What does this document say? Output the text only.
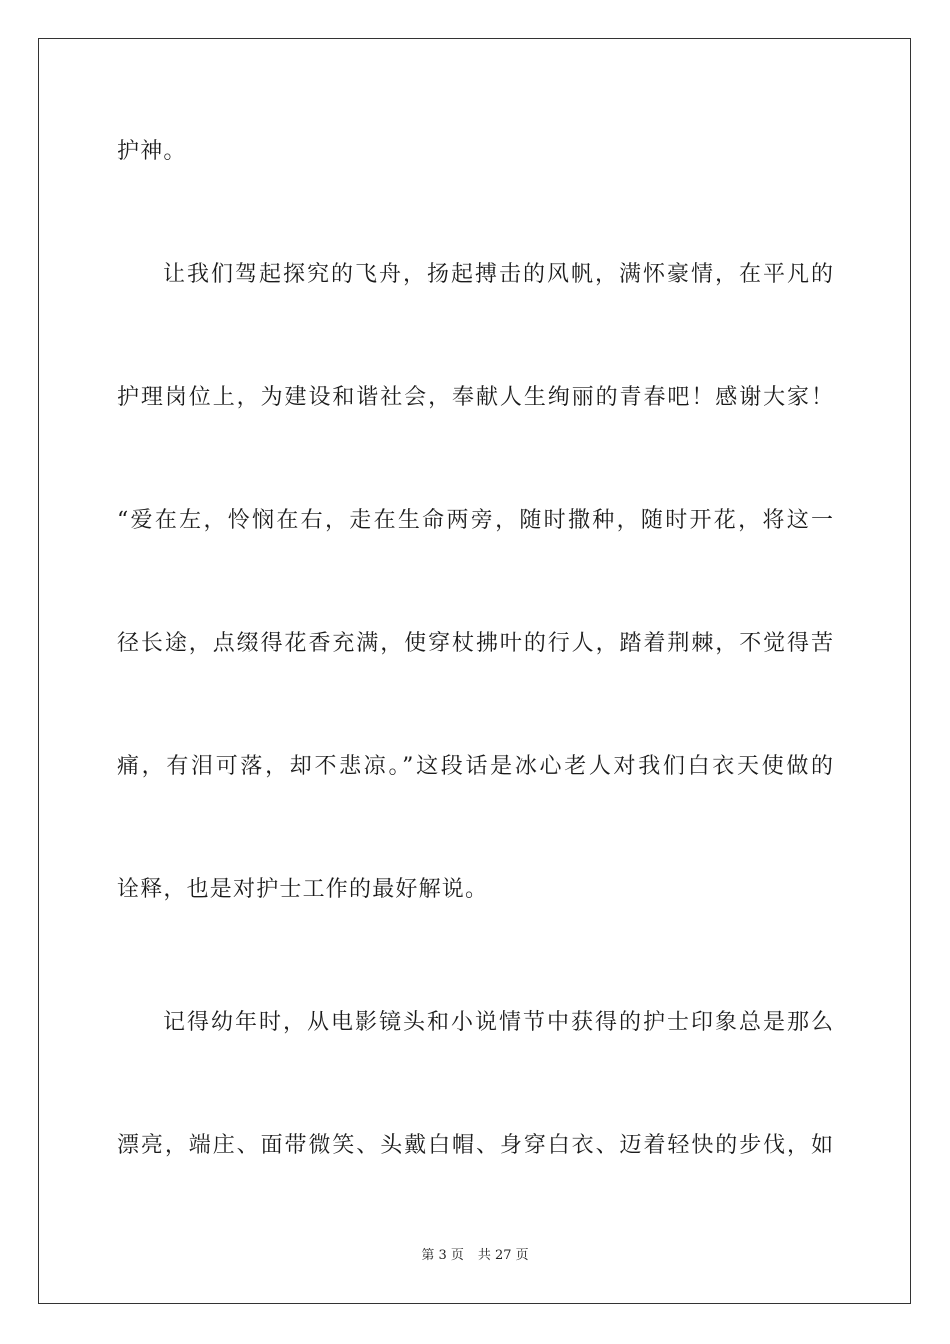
护神。
让我们驾起探究的飞舟，扬起搏击的风帆，满怀豪情，在平凡的
护理岗位上，为建设和谐社会，奉献人生绚丽的青春吧！感谢大家！
“爱在左，怜悯在右，走在生命两旁，随时撒种，随时开花，将这一
径长途，点缀得花香充满，使穿杖拂叶的行人，踏着荆棘，不觉得苦
痛，有泪可落，却不悲凉。”这段话是冰心老人对我们白衣天使做的
诠释，也是对护士工作的最好解说。
记得幼年时，从电影镜头和小说情节中获得的护士印象总是那么
漂亮，端庄、面带微笑、头戴白帽、身穿白衣、迈着轻快的步伐，如
第 3 页 共 27 页
